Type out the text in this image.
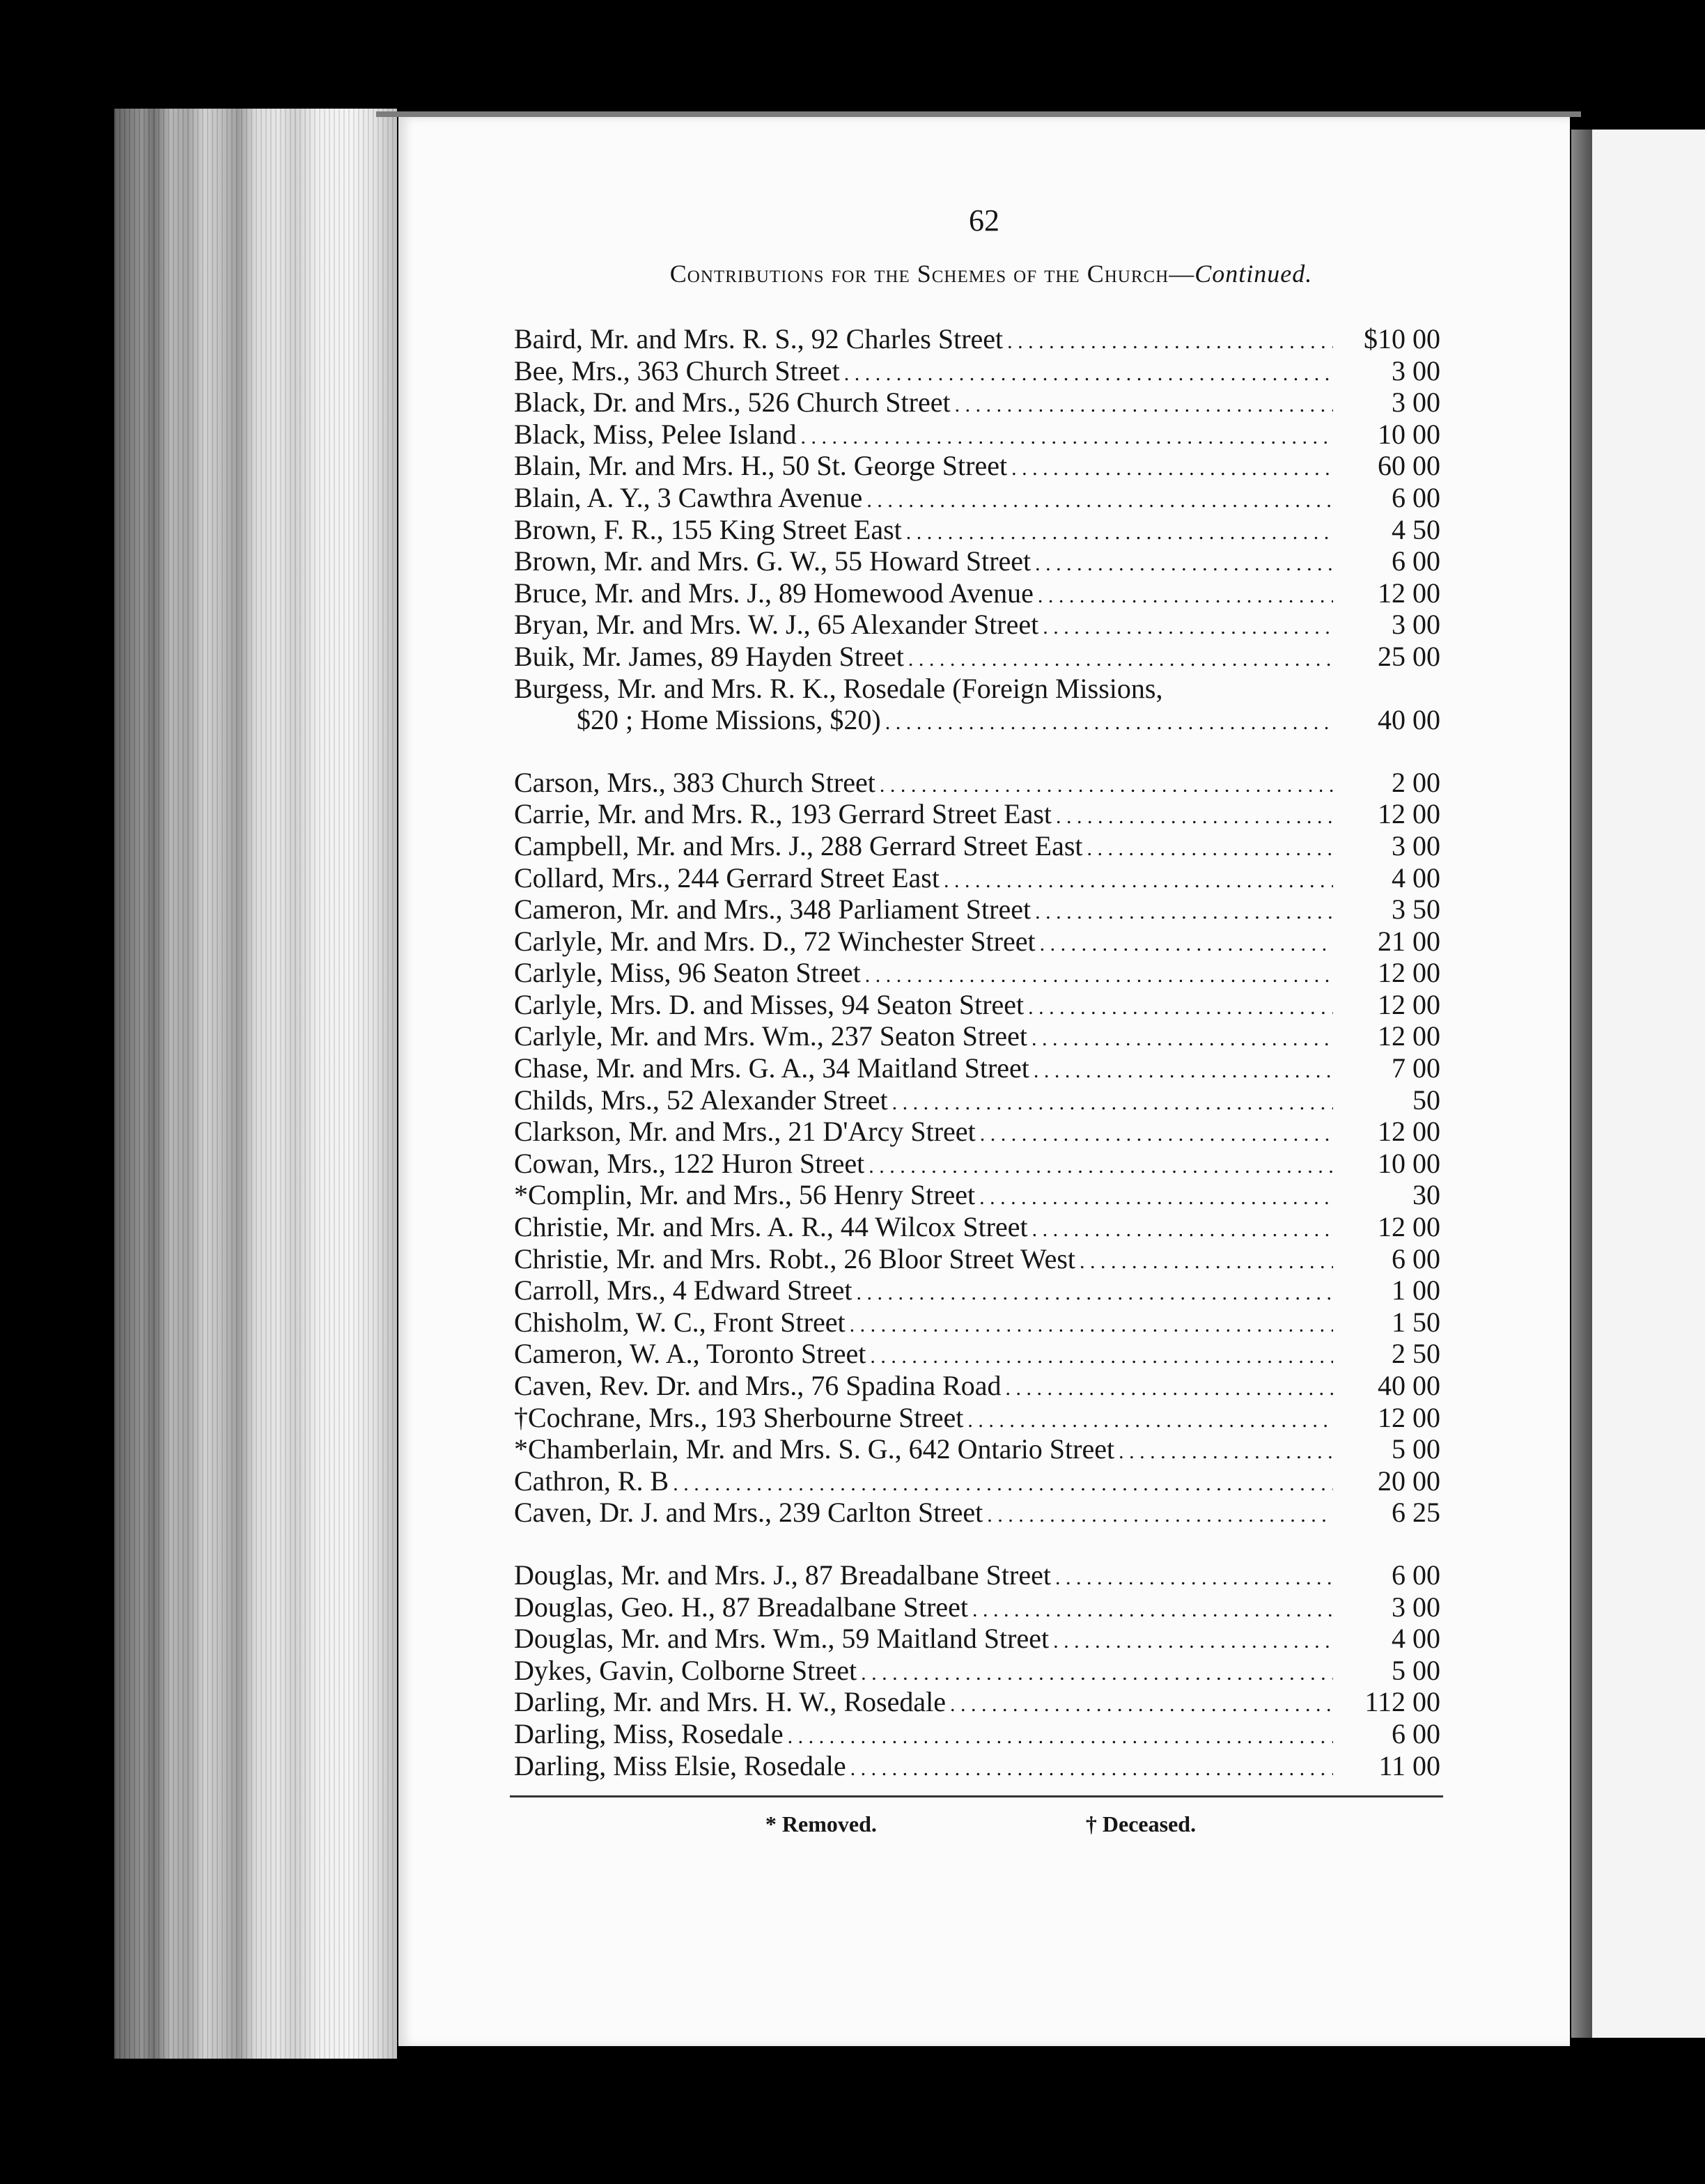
62

Contributions for the Schemes of the Church—Continued.

Baird, Mr. and Mrs. R. S., 92 Charles Street . . .	$10 00
Bee, Mrs., 363 Church Street . . .	3 00
Black, Dr. and Mrs., 526 Church Street . . .	3 00
Black, Miss, Pelee Island . . .	10 00
Blain, Mr. and Mrs. H., 50 St. George Street . . .	60 00
Blain, A. Y., 3 Cawthra Avenue . . .	6 00
Brown, F. R., 155 King Street East . . .	4 50
Brown, Mr. and Mrs. G. W., 55 Howard Street . . .	6 00
Bruce, Mr. and Mrs. J., 89 Homewood Avenue . . .	12 00
Bryan, Mr. and Mrs. W. J., 65 Alexander Street . . .	3 00
Buik, Mr. James, 89 Hayden Street . . .	25 00
Burgess, Mr. and Mrs. R. K., Rosedale (Foreign Missions,
$20 ; Home Missions, $20) . . .	40 00
Carson, Mrs., 383 Church Street . . .	2 00
Carrie, Mr. and Mrs. R., 193 Gerrard Street East . . .	12 00
Campbell, Mr. and Mrs. J., 288 Gerrard Street East . . .	3 00
Collard, Mrs., 244 Gerrard Street East . . .	4 00
Cameron, Mr. and Mrs., 348 Parliament Street . . .	3 50
Carlyle, Mr. and Mrs. D., 72 Winchester Street . . .	21 00
Carlyle, Miss, 96 Seaton Street . . .	12 00
Carlyle, Mrs. D. and Misses, 94 Seaton Street . . .	12 00
Carlyle, Mr. and Mrs. Wm., 237 Seaton Street . . .	12 00
Chase, Mr. and Mrs. G. A., 34 Maitland Street . . .	7 00
Childs, Mrs., 52 Alexander Street . . .	50
Clarkson, Mr. and Mrs., 21 D'Arcy Street . . .	12 00
Cowan, Mrs., 122 Huron Street . . .	10 00
*Complin, Mr. and Mrs., 56 Henry Street . . .	30
Christie, Mr. and Mrs. A. R., 44 Wilcox Street . . .	12 00
Christie, Mr. and Mrs. Robt., 26 Bloor Street West . . .	6 00
Carroll, Mrs., 4 Edward Street . . .	1 00
Chisholm, W. C., Front Street . . .	1 50
Cameron, W. A., Toronto Street . . .	2 50
Caven, Rev. Dr. and Mrs., 76 Spadina Road . . .	40 00
†Cochrane, Mrs., 193 Sherbourne Street . . .	12 00
*Chamberlain, Mr. and Mrs. S. G., 642 Ontario Street . . .	5 00
Cathron, R. B . . .	20 00
Caven, Dr. J. and Mrs., 239 Carlton Street . . .	6 25
Douglas, Mr. and Mrs. J., 87 Breadalbane Street . . .	6 00
Douglas, Geo. H., 87 Breadalbane Street . . .	3 00
Douglas, Mr. and Mrs. Wm., 59 Maitland Street . . .	4 00
Dykes, Gavin, Colborne Street . . .	5 00
Darling, Mr. and Mrs. H. W., Rosedale . . .	112 00
Darling, Miss, Rosedale . . .	6 00
Darling, Miss Elsie, Rosedale . . .	11 00
* Removed.	† Deceased.
